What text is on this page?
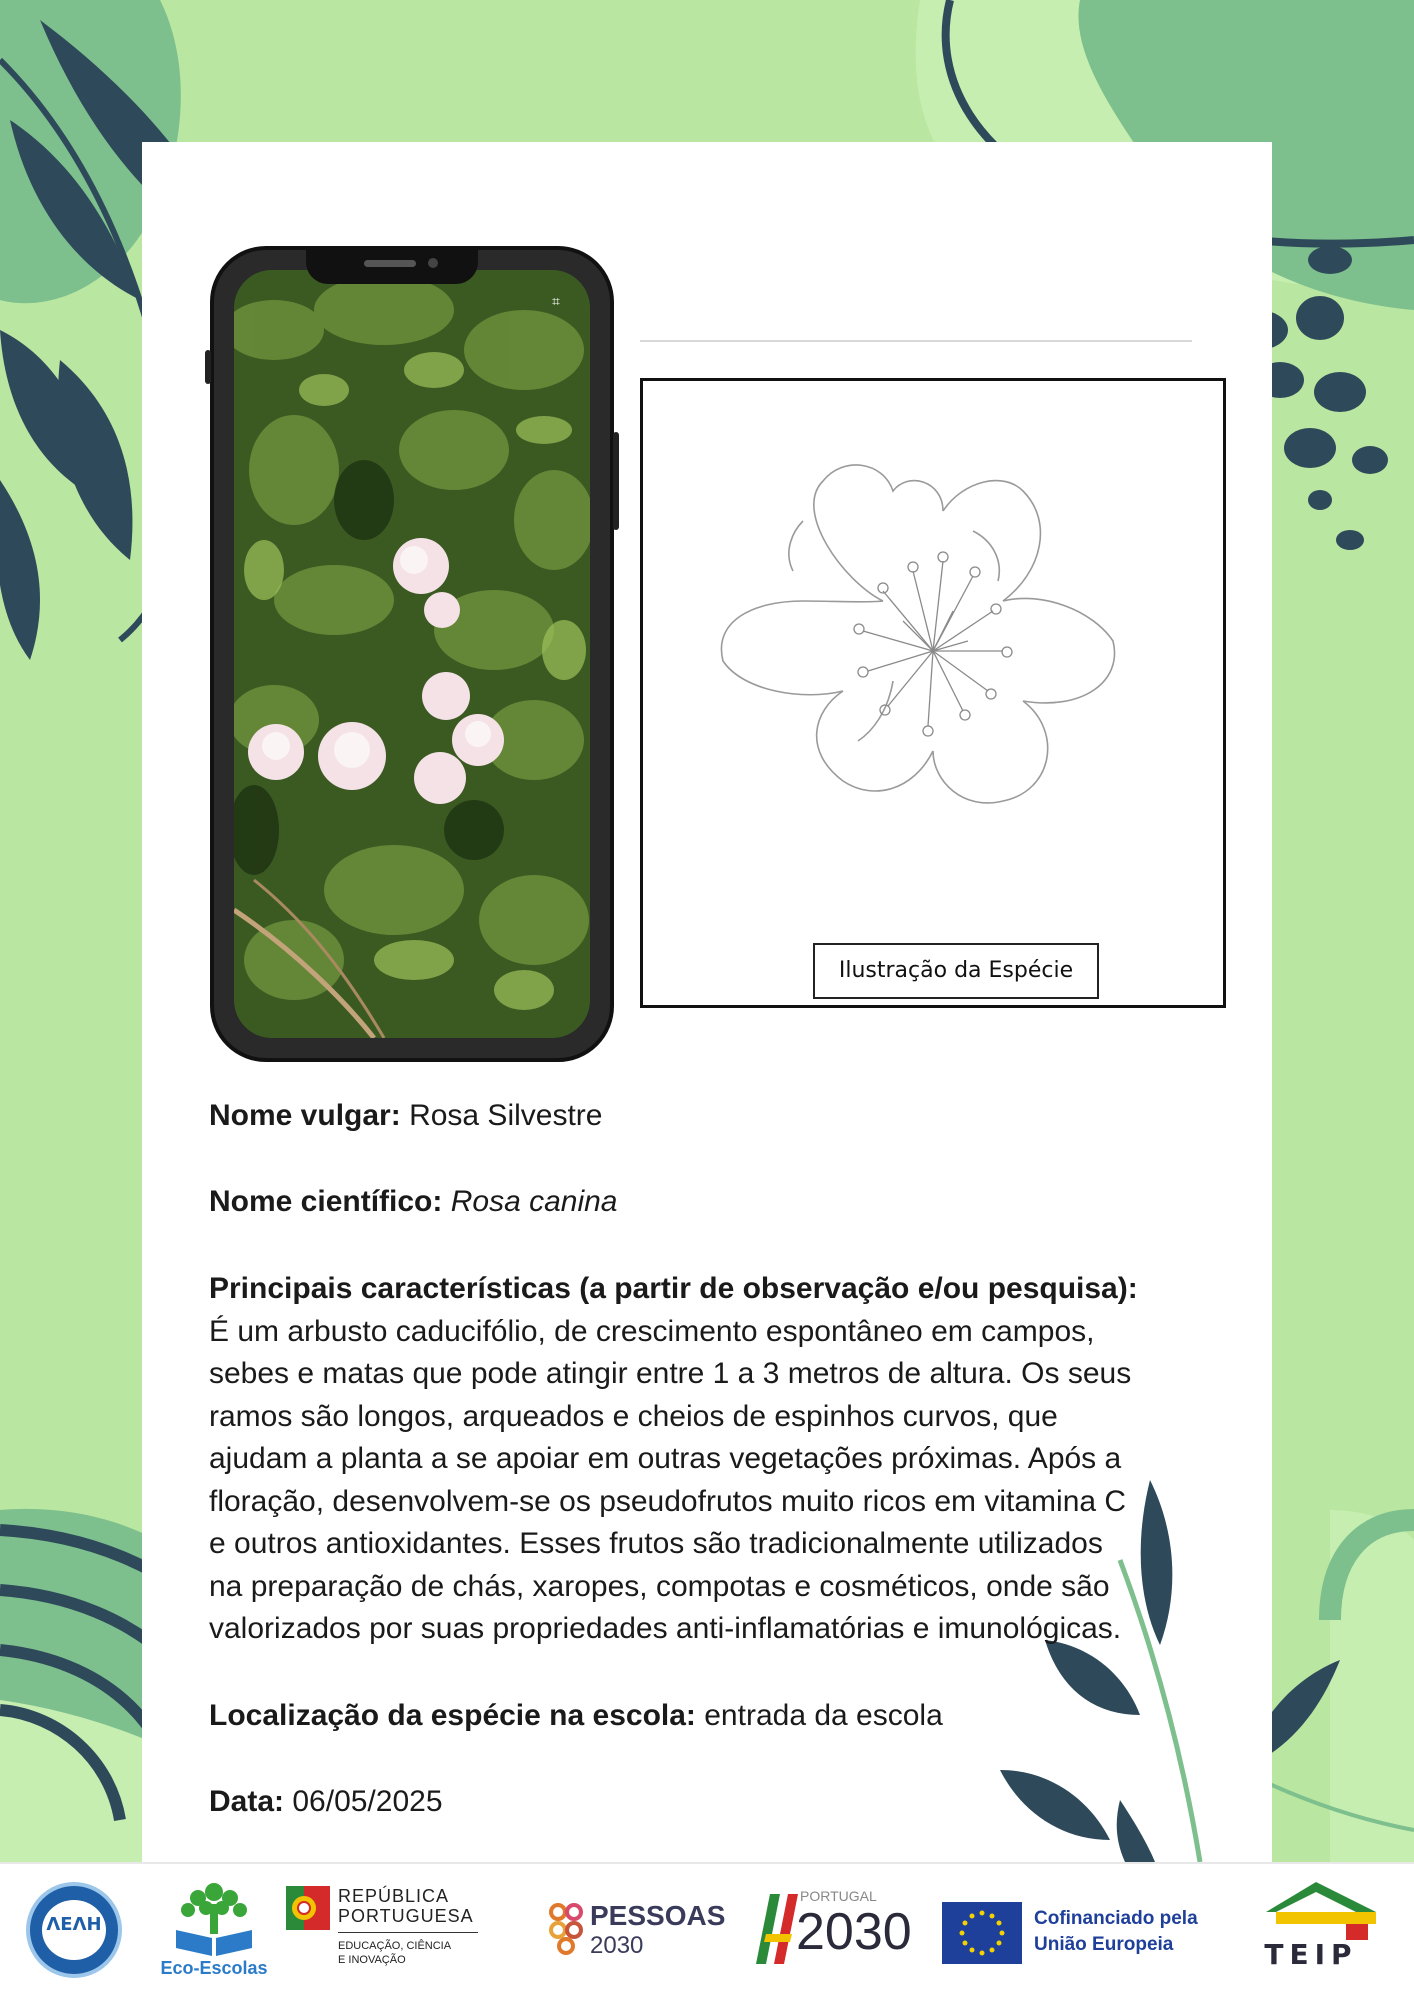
⌗
Ilustração da Espécie
Nome vulgar: Rosa Silvestre
Nome científico: Rosa canina
Principais características (a partir de observação e/ou pesquisa):
É um arbusto caducifólio, de crescimento espontâneo em campos,
sebes e matas que pode atingir entre 1 a 3 metros de altura. Os seus
ramos são longos, arqueados e cheios de espinhos curvos, que
ajudam a planta a se apoiar em outras vegetações próximas. Após a
floração, desenvolvem-se os pseudofrutos muito ricos em vitamina C
e outros antioxidantes. Esses frutos são tradicionalmente utilizados
na preparação de chás, xaropes, compotas e cosméticos, onde são
valorizados por suas propriedades anti-inflamatórias e imunológicas.
Localização da espécie na escola: entrada da escola
Data: 06/05/2025
ΛΕΛΗ
Eco-Escolas
REPÚBLICA
PORTUGUESA
EDUCAÇÃO, CIÊNCIA
E INOVAÇÃO
PESSOAS
2030
PORTUGAL
2030	Cofinanciado pela
União Europeia	TEIP
